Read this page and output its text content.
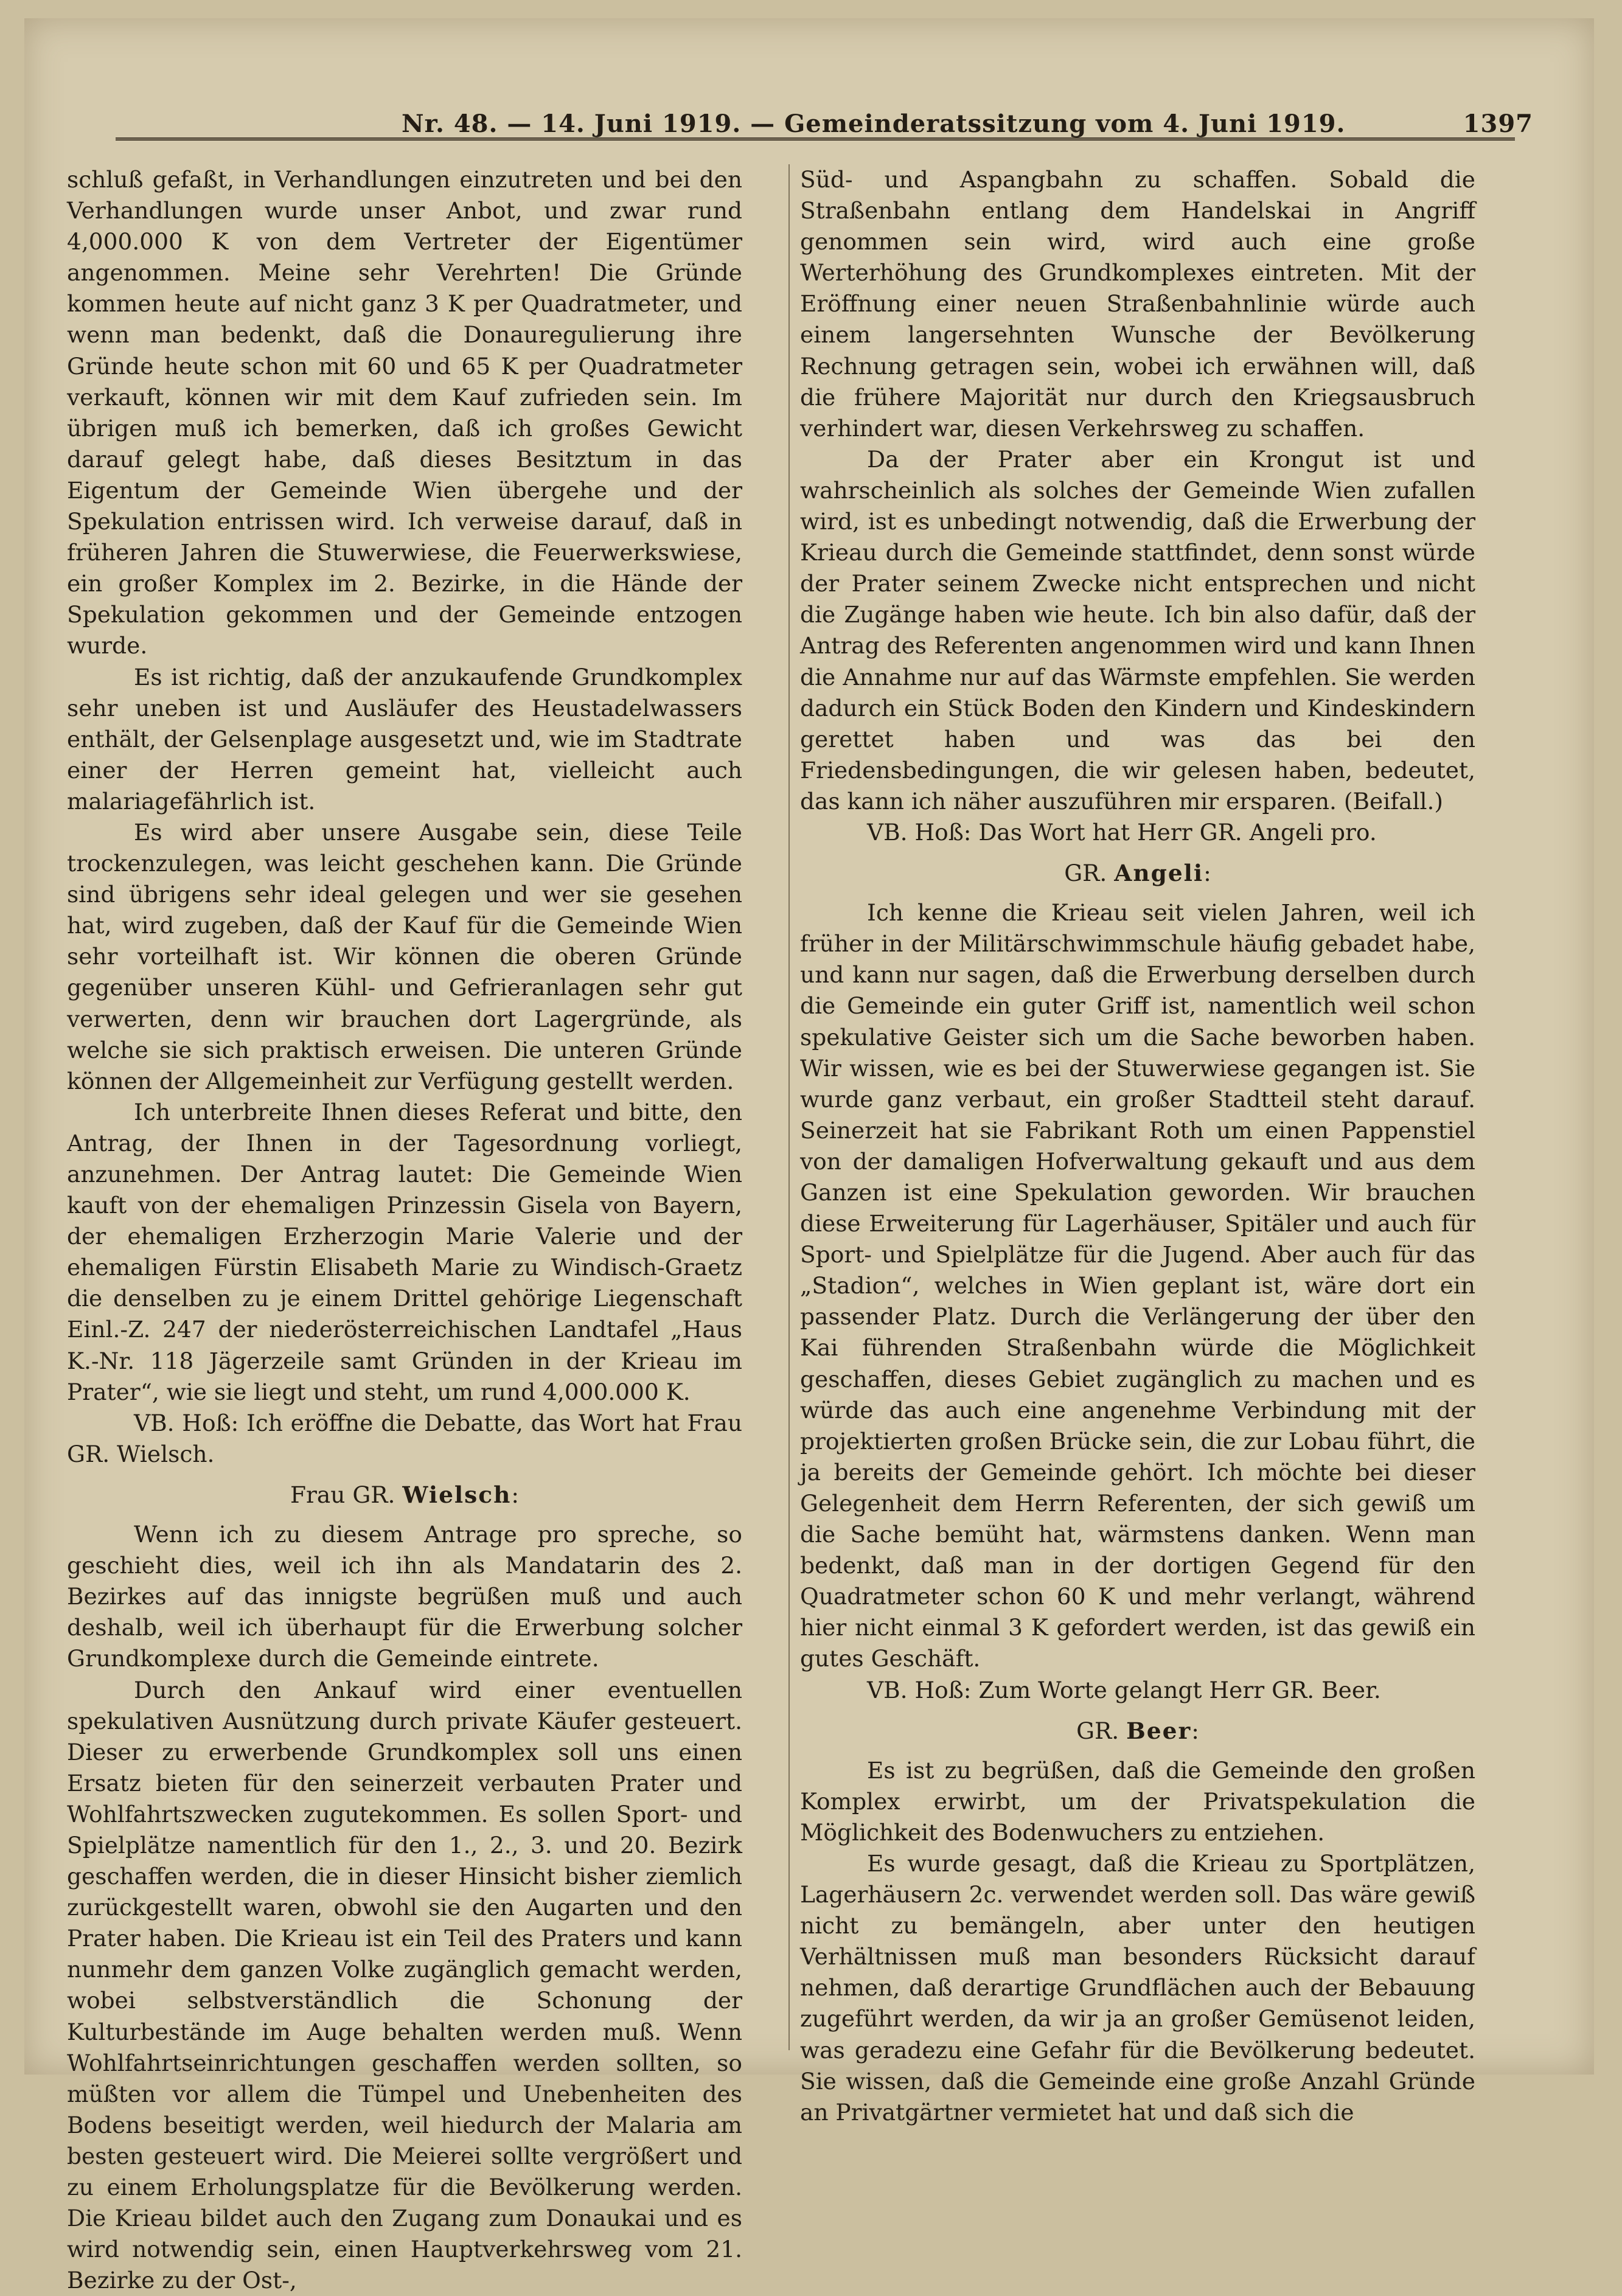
Nr. 48. — 14. Juni 1919. — Gemeinderatssitzung vom 4. Juni 1919.	1397

schluß gefaßt, in Verhandlungen einzutreten und bei den Verhandlungen wurde unser Anbot, und zwar rund 4,000.000 K von dem Vertreter der Eigentümer angenommen. Meine sehr Verehrten! Die Gründe kommen heute auf nicht ganz 3 K per Quadratmeter, und wenn man bedenkt, daß die Donauregulierung ihre Gründe heute schon mit 60 und 65 K per Quadratmeter verkauft, können wir mit dem Kauf zufrieden sein. Im übrigen muß ich bemerken, daß ich großes Gewicht darauf gelegt habe, daß dieses Besitztum in das Eigentum der Gemeinde Wien übergehe und der Spekulation entrissen wird. Ich verweise darauf, daß in früheren Jahren die Stuwerwiese, die Feuerwerkswiese, ein großer Komplex im 2. Bezirke, in die Hände der Spekulation gekommen und der Gemeinde entzogen wurde.

Es ist richtig, daß der anzukaufende Grundkomplex sehr uneben ist und Ausläufer des Heustadelwassers enthält, der Gelsenplage ausgesetzt und, wie im Stadtrate einer der Herren gemeint hat, vielleicht auch malariagefährlich ist.

Es wird aber unsere Ausgabe sein, diese Teile trockenzulegen, was leicht geschehen kann. Die Gründe sind übrigens sehr ideal gelegen und wer sie gesehen hat, wird zugeben, daß der Kauf für die Gemeinde Wien sehr vorteilhaft ist. Wir können die oberen Gründe gegenüber unseren Kühl- und Gefrieranlagen sehr gut verwerten, denn wir brauchen dort Lagergründe, als welche sie sich praktisch erweisen. Die unteren Gründe können der Allgemeinheit zur Verfügung gestellt werden.

Ich unterbreite Ihnen dieses Referat und bitte, den Antrag, der Ihnen in der Tagesordnung vorliegt, anzunehmen. Der Antrag lautet: Die Gemeinde Wien kauft von der ehemaligen Prinzessin Gisela von Bayern, der ehemaligen Erzherzogin Marie Valerie und der ehemaligen Fürstin Elisabeth Marie zu Windisch-Graetz die denselben zu je einem Drittel gehörige Liegenschaft Einl.-Z. 247 der niederösterreichischen Landtafel „Haus K.-Nr. 118 Jägerzeile samt Gründen in der Krieau im Prater“, wie sie liegt und steht, um rund 4,000.000 K.

VB. Hoß: Ich eröffne die Debatte, das Wort hat Frau GR. Wielsch.

Frau GR. Wielsch:

Wenn ich zu diesem Antrage pro spreche, so geschieht dies, weil ich ihn als Mandatarin des 2. Bezirkes auf das innigste begrüßen muß und auch deshalb, weil ich überhaupt für die Erwerbung solcher Grundkomplexe durch die Gemeinde eintrete.

Durch den Ankauf wird einer eventuellen spekulativen Ausnützung durch private Käufer gesteuert. Dieser zu erwerbende Grundkomplex soll uns einen Ersatz bieten für den seinerzeit verbauten Prater und Wohlfahrtszwecken zugutekommen. Es sollen Sport- und Spielplätze namentlich für den 1., 2., 3. und 20. Bezirk geschaffen werden, die in dieser Hinsicht bisher ziemlich zurückgestellt waren, obwohl sie den Augarten und den Prater haben. Die Krieau ist ein Teil des Praters und kann nunmehr dem ganzen Volke zugänglich gemacht werden, wobei selbstverständlich die Schonung der Kulturbestände im Auge behalten werden muß. Wenn Wohlfahrtseinrichtungen geschaffen werden sollten, so müßten vor allem die Tümpel und Unebenheiten des Bodens beseitigt werden, weil hiedurch der Malaria am besten gesteuert wird. Die Meierei sollte vergrößert und zu einem Erholungsplatze für die Bevölkerung werden. Die Krieau bildet auch den Zugang zum Donaukai und es wird notwendig sein, einen Hauptverkehrsweg vom 21. Bezirke zu der Ost-,

Süd- und Aspangbahn zu schaffen. Sobald die Straßenbahn entlang dem Handelskai in Angriff genommen sein wird, wird auch eine große Werterhöhung des Grundkomplexes eintreten. Mit der Eröffnung einer neuen Straßenbahnlinie würde auch einem langersehnten Wunsche der Bevölkerung Rechnung getragen sein, wobei ich erwähnen will, daß die frühere Majorität nur durch den Kriegsausbruch verhindert war, diesen Verkehrsweg zu schaffen.

Da der Prater aber ein Krongut ist und wahrscheinlich als solches der Gemeinde Wien zufallen wird, ist es unbedingt notwendig, daß die Erwerbung der Krieau durch die Gemeinde stattfindet, denn sonst würde der Prater seinem Zwecke nicht entsprechen und nicht die Zugänge haben wie heute. Ich bin also dafür, daß der Antrag des Referenten angenommen wird und kann Ihnen die Annahme nur auf das Wärmste empfehlen. Sie werden dadurch ein Stück Boden den Kindern und Kindeskindern gerettet haben und was das bei den Friedensbedingungen, die wir gelesen haben, bedeutet, das kann ich näher auszuführen mir ersparen. (Beifall.)

VB. Hoß: Das Wort hat Herr GR. Angeli pro.

GR. Angeli:

Ich kenne die Krieau seit vielen Jahren, weil ich früher in der Militärschwimmschule häufig gebadet habe, und kann nur sagen, daß die Erwerbung derselben durch die Gemeinde ein guter Griff ist, namentlich weil schon spekulative Geister sich um die Sache beworben haben. Wir wissen, wie es bei der Stuwerwiese gegangen ist. Sie wurde ganz verbaut, ein großer Stadtteil steht darauf. Seinerzeit hat sie Fabrikant Roth um einen Pappenstiel von der damaligen Hofverwaltung gekauft und aus dem Ganzen ist eine Spekulation geworden. Wir brauchen diese Erweiterung für Lagerhäuser, Spitäler und auch für Sport- und Spielplätze für die Jugend. Aber auch für das „Stadion“, welches in Wien geplant ist, wäre dort ein passender Platz. Durch die Verlängerung der über den Kai führenden Straßenbahn würde die Möglichkeit geschaffen, dieses Gebiet zugänglich zu machen und es würde das auch eine angenehme Verbindung mit der projektierten großen Brücke sein, die zur Lobau führt, die ja bereits der Gemeinde gehört. Ich möchte bei dieser Gelegenheit dem Herrn Referenten, der sich gewiß um die Sache bemüht hat, wärmstens danken. Wenn man bedenkt, daß man in der dortigen Gegend für den Quadratmeter schon 60 K und mehr verlangt, während hier nicht einmal 3 K gefordert werden, ist das gewiß ein gutes Geschäft.

VB. Hoß: Zum Worte gelangt Herr GR. Beer.

GR. Beer:

Es ist zu begrüßen, daß die Gemeinde den großen Komplex erwirbt, um der Privatspekulation die Möglichkeit des Bodenwuchers zu entziehen.

Es wurde gesagt, daß die Krieau zu Sportplätzen, Lagerhäusern 2c. verwendet werden soll. Das wäre gewiß nicht zu bemängeln, aber unter den heutigen Verhältnissen muß man besonders Rücksicht darauf nehmen, daß derartige Grundflächen auch der Bebauung zugeführt werden, da wir ja an großer Gemüsenot leiden, was geradezu eine Gefahr für die Bevölkerung bedeutet. Sie wissen, daß die Gemeinde eine große Anzahl Gründe an Privatgärtner vermietet hat und daß sich die
